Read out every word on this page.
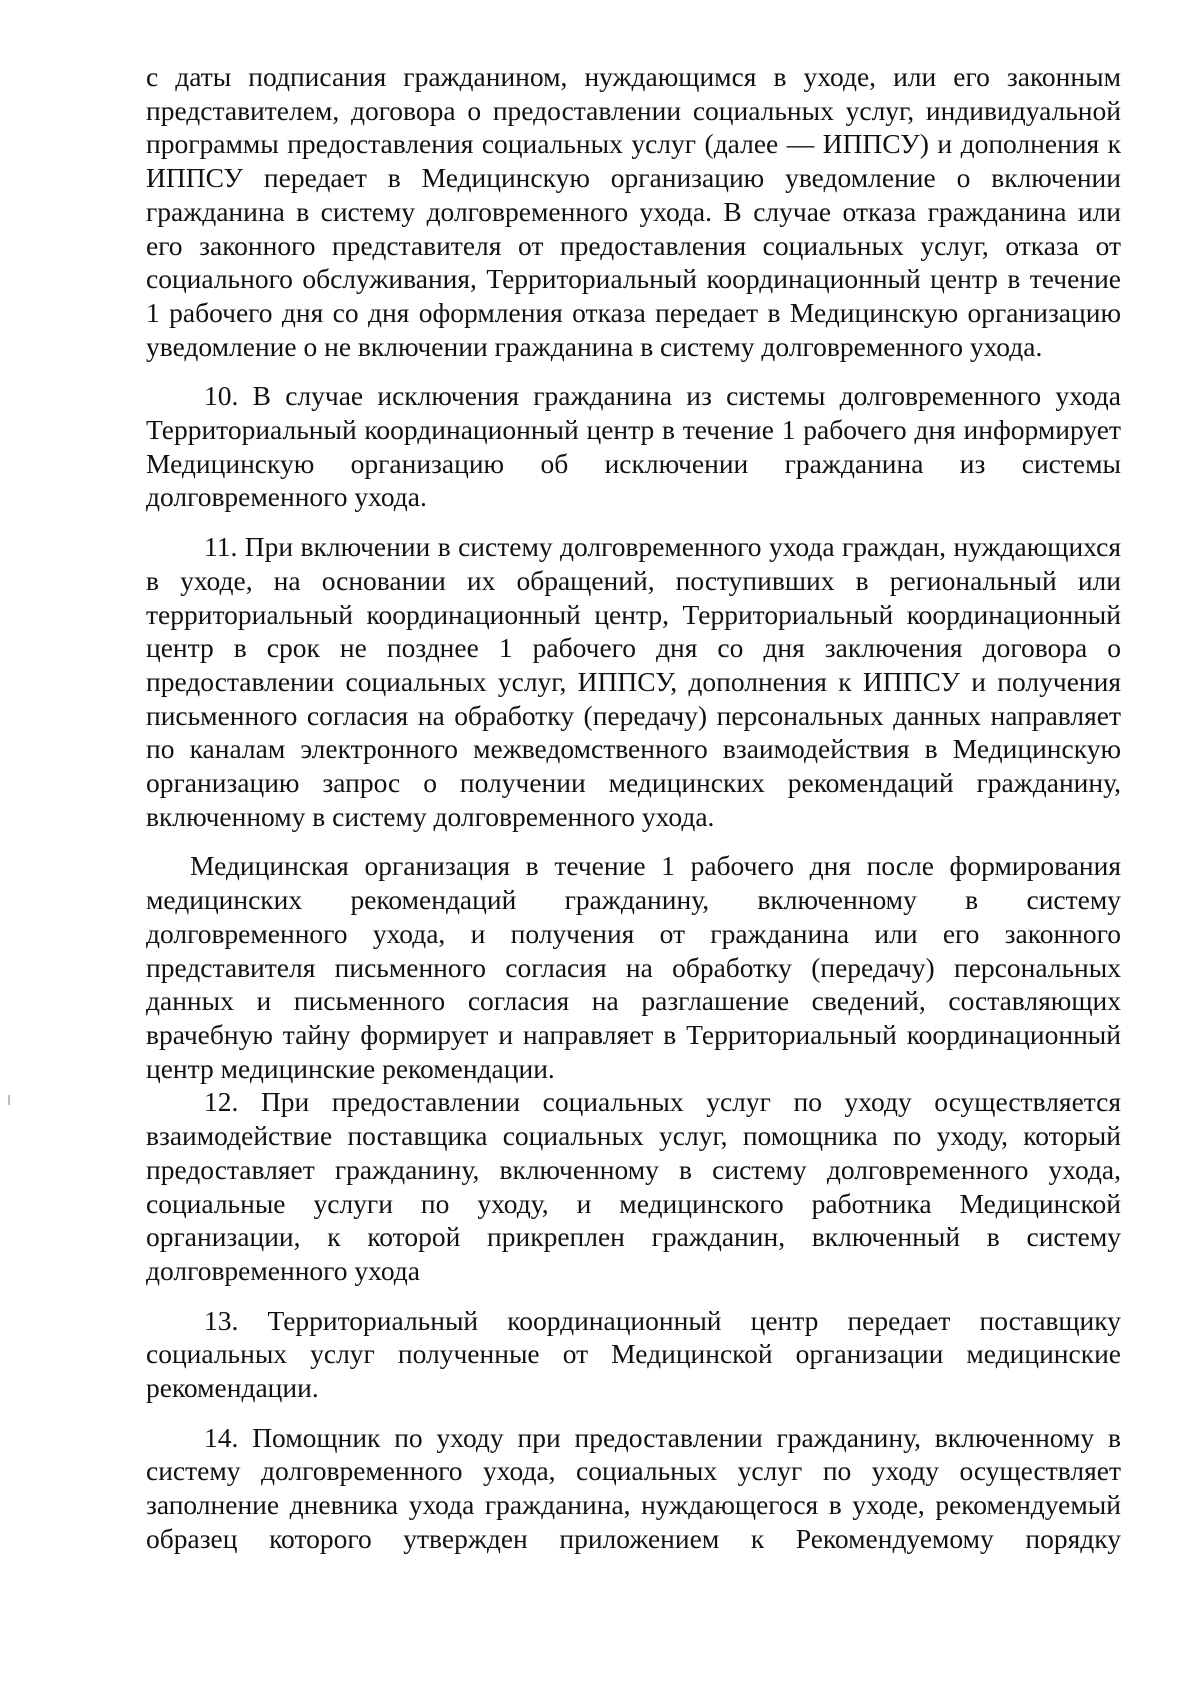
с даты подписания гражданином, нуждающимся в уходе, или его законным представителем, договора о предоставлении социальных услуг, индивидуальной программы предоставления социальных услуг (далее — ИППСУ) и дополнения к ИППСУ передает в Медицинскую организацию уведомление о включении гражданина в систему долговременного ухода. В случае отказа гражданина или его законного представителя от предоставления социальных услуг, отказа от социального обслуживания, Территориальный координационный центр в течение 1 рабочего дня со дня оформления отказа передает в Медицинскую организацию уведомление о не включении гражданина в систему долговременного ухода.

10. В случае исключения гражданина из системы долговременного ухода Территориальный координационный центр в течение 1 рабочего дня информирует Медицинскую организацию об исключении гражданина из системы долговременного ухода.

11. При включении в систему долговременного ухода граждан, нуждающихся в уходе, на основании их обращений, поступивших в региональный или территориальный координационный центр, Территориальный координационный центр в срок не позднее 1 рабочего дня со дня заключения договора о предоставлении социальных услуг, ИППСУ, дополнения к ИППСУ и получения письменного согласия на обработку (передачу) персональных данных направляет по каналам электронного межведомственного взаимодействия в Медицинскую организацию запрос о получении медицинских рекомендаций гражданину, включенному в систему долговременного ухода.

Медицинская организация в течение 1 рабочего дня после формирования медицинских рекомендаций гражданину, включенному в систему долговременного ухода, и получения от гражданина или его законного представителя письменного согласия на обработку (передачу) персональных данных и письменного согласия на разглашение сведений, составляющих врачебную тайну формирует и направляет в Территориальный координационный центр медицинские рекомендации.

12. При предоставлении социальных услуг по уходу осуществляется взаимодействие поставщика социальных услуг, помощника по уходу, который предоставляет гражданину, включенному в систему долговременного ухода, социальные услуги по уходу, и медицинского работника Медицинской организации, к которой прикреплен гражданин, включенный в систему долговременного ухода

13. Территориальный координационный центр передает поставщику социальных услуг полученные от Медицинской организации медицинские рекомендации.

14. Помощник по уходу при предоставлении гражданину, включенному в систему долговременного ухода, социальных услуг по уходу осуществляет заполнение дневника ухода гражданина, нуждающегося в уходе, рекомендуемый образец которого утвержден приложением к Рекомендуемому порядку
